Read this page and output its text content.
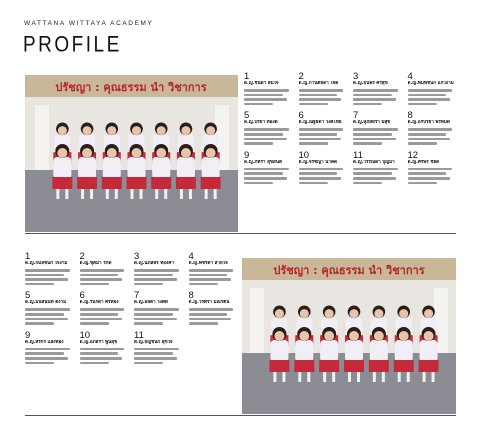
WATTANA WITTAYA ACADEMY
PROFILE
ปรัชญา : คุณธรรม นำ วิชาการ
1
ด.ญ.ชนิดา สมใจ
2
ด.ญ.กานต์ธิดา ใจดี
3
ด.ญ.ธนพร ศรีสุข
4
ด.ญ.พิมพ์ชนก แก้วงาม
5
ด.ญ.ปริยา ทองดี
6
ด.ญ.ณัฐธิดา วงศ์ไทย
7
ด.ญ.สุภัสสรา มีสุข
8
ด.ญ.อรปรียา พรหมดี
9
ด.ญ.ภัทรา สุขสันต์
10
ด.ญ.จิรัชญา นาคดี
11
ด.ญ.วรรณิดา บุญมา
12
ด.ญ.ศิริพร ชัยดี
1
ด.ญ.กมลชนก ใจงาม
2
ด.ญ.ชุติมา รักดี
3
ด.ญ.นภัสสร ทองคำ
4
ด.ญ.พัชริดา สายใจ
5
ด.ญ.มนัสนันท์ ดีงาม
6
ด.ญ.รินรดา ศรีทอง
7
ด.ญ.ลลิตา วงศ์ดี
8
ด.ญ.วริศรา มณีรัตน์
9
ด.ญ.สิริกร แสงทอง
10
ด.ญ.อภิสรา พูนสุข
11
ด.ญ.ธัญชนก สุขใจ
ปรัชญา : คุณธรรม นำ วิชาการ
